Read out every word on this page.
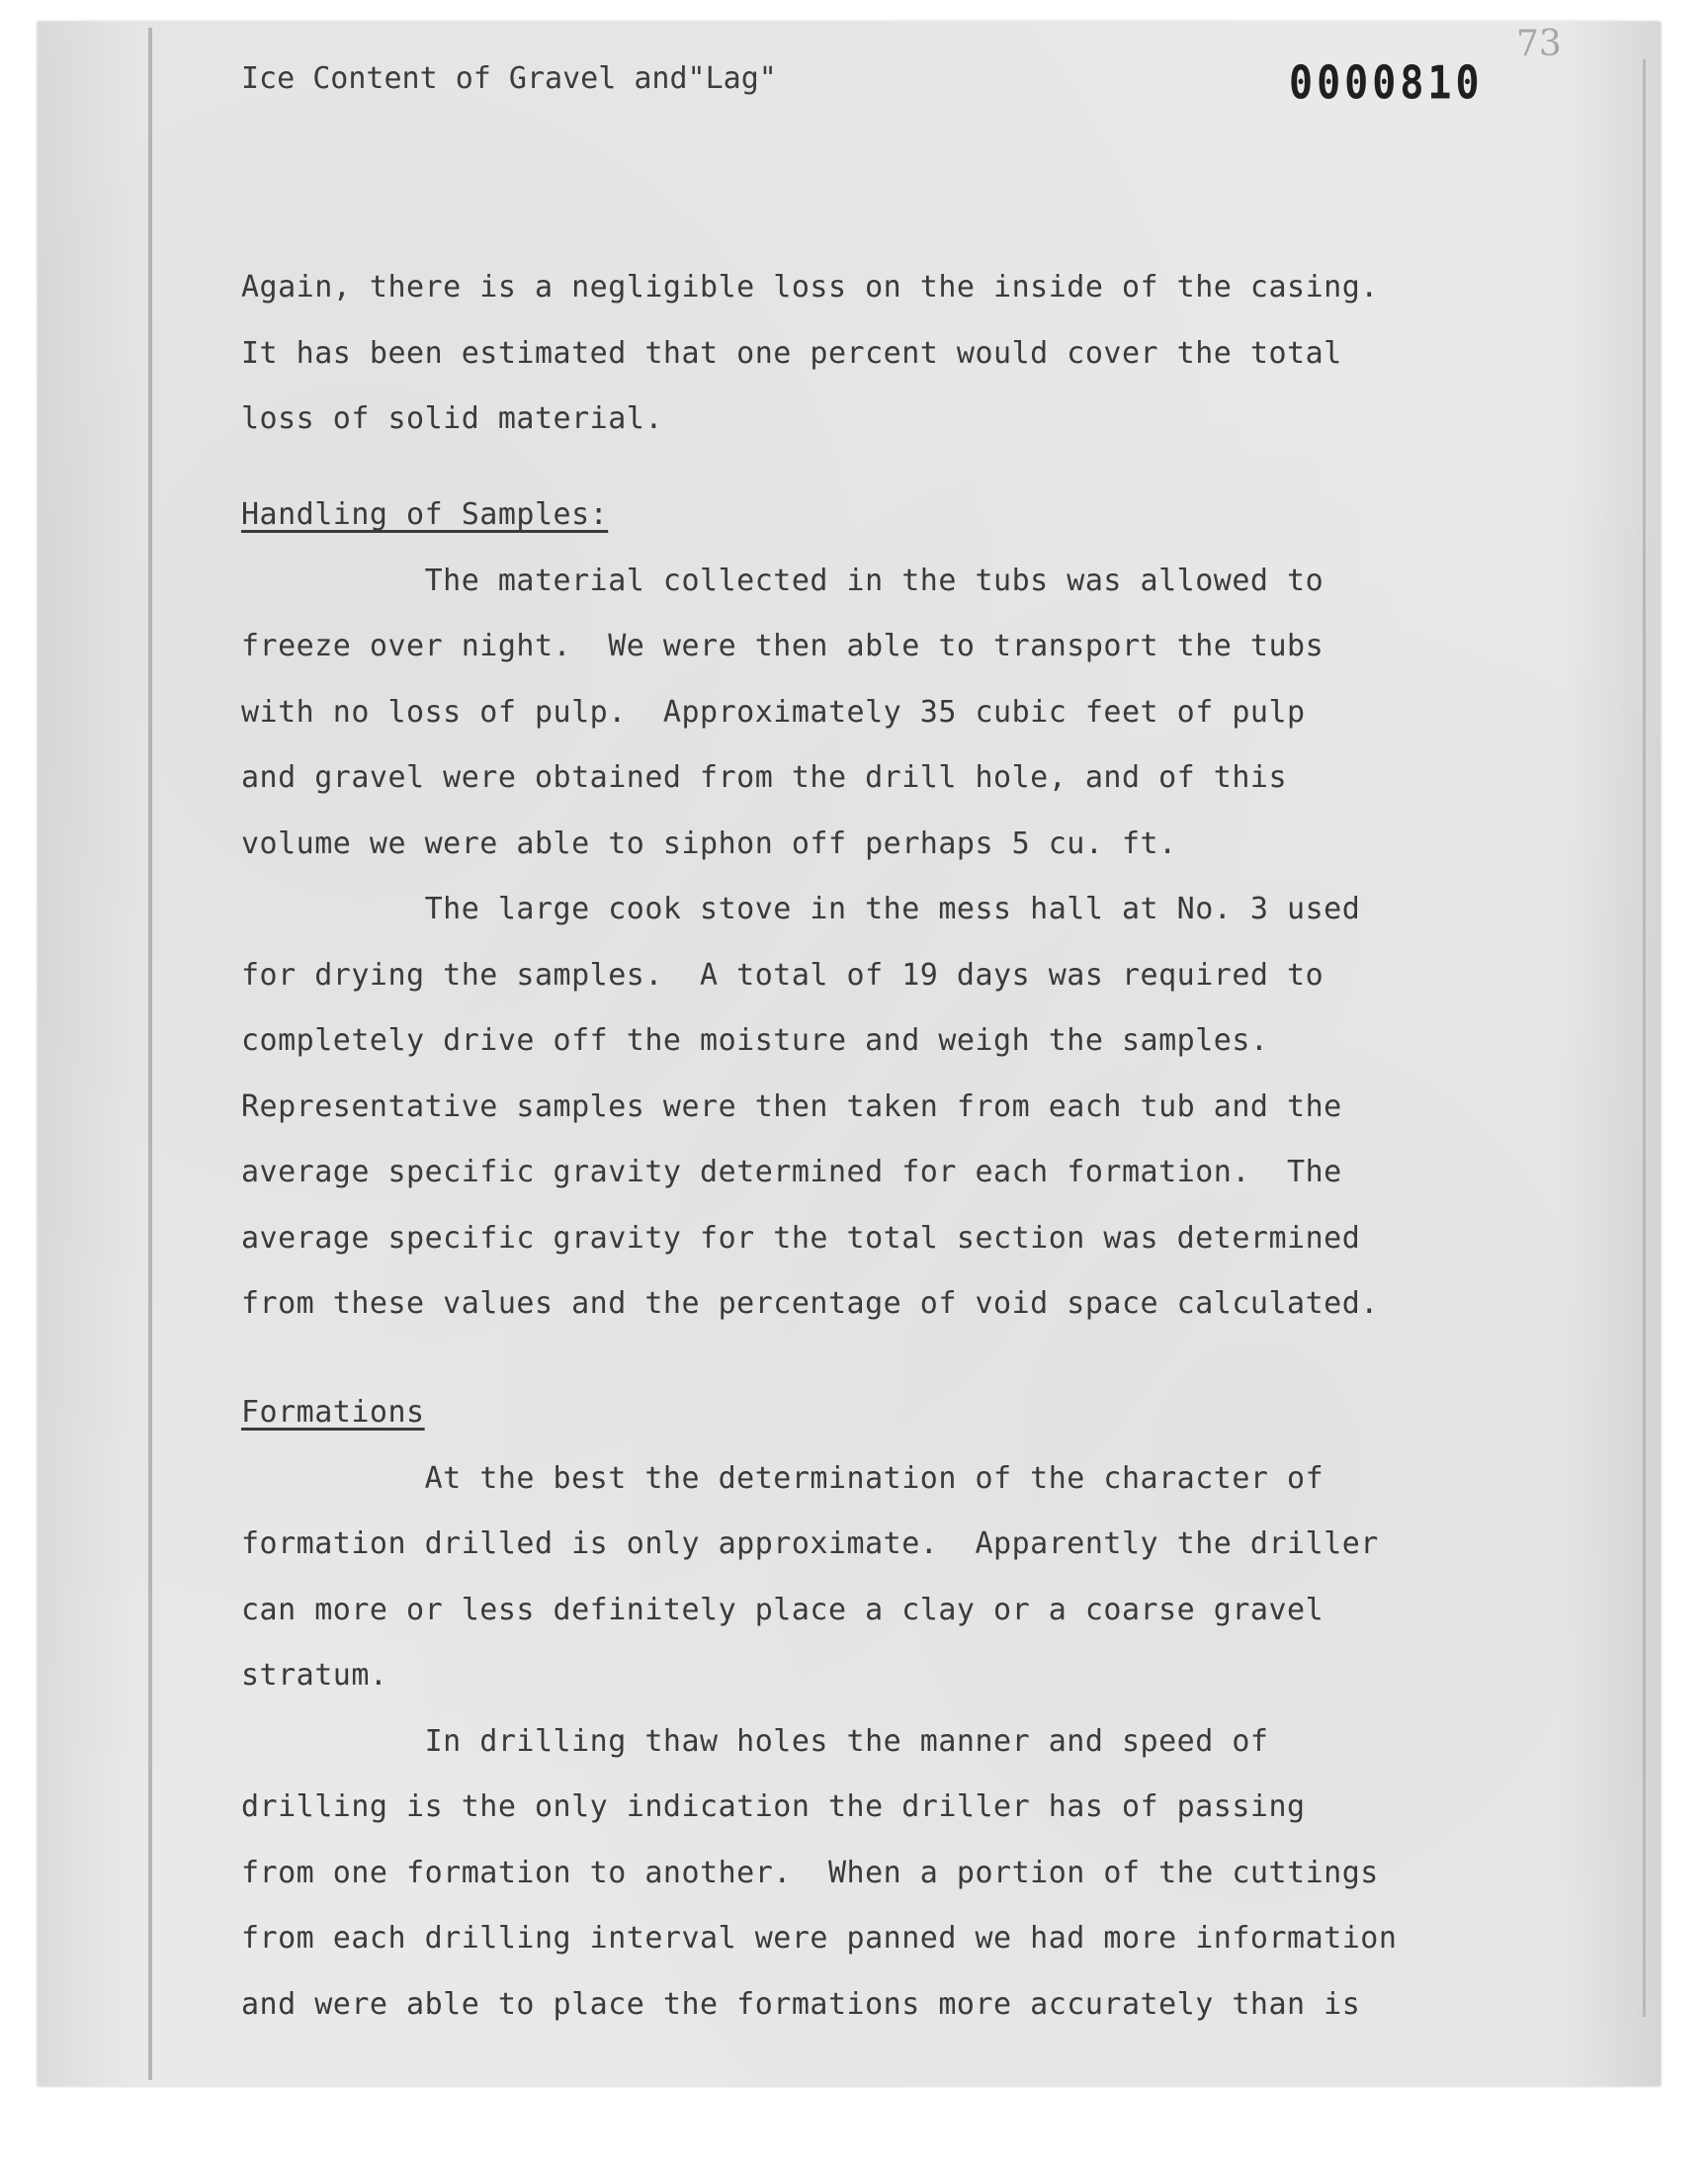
73
Ice Content of Gravel and"Lag"	0000810

Again, there is a negligible loss on the inside of the casing.

It has been estimated that one percent would cover the total

loss of solid material.

Handling of Samples:

The material collected in the tubs was allowed to

freeze over night.  We were then able to transport the tubs

with no loss of pulp.  Approximately 35 cubic feet of pulp

and gravel were obtained from the drill hole, and of this

volume we were able to siphon off perhaps 5 cu. ft.

The large cook stove in the mess hall at No. 3 used

for drying the samples.  A total of 19 days was required to

completely drive off the moisture and weigh the samples.

Representative samples were then taken from each tub and the

average specific gravity determined for each formation.  The

average specific gravity for the total section was determined

from these values and the percentage of void space calculated.

Formations

At the best the determination of the character of

formation drilled is only approximate.  Apparently the driller

can more or less definitely place a clay or a coarse gravel

stratum.

In drilling thaw holes the manner and speed of

drilling is the only indication the driller has of passing

from one formation to another.  When a portion of the cuttings

from each drilling interval were panned we had more information

and were able to place the formations more accurately than is
